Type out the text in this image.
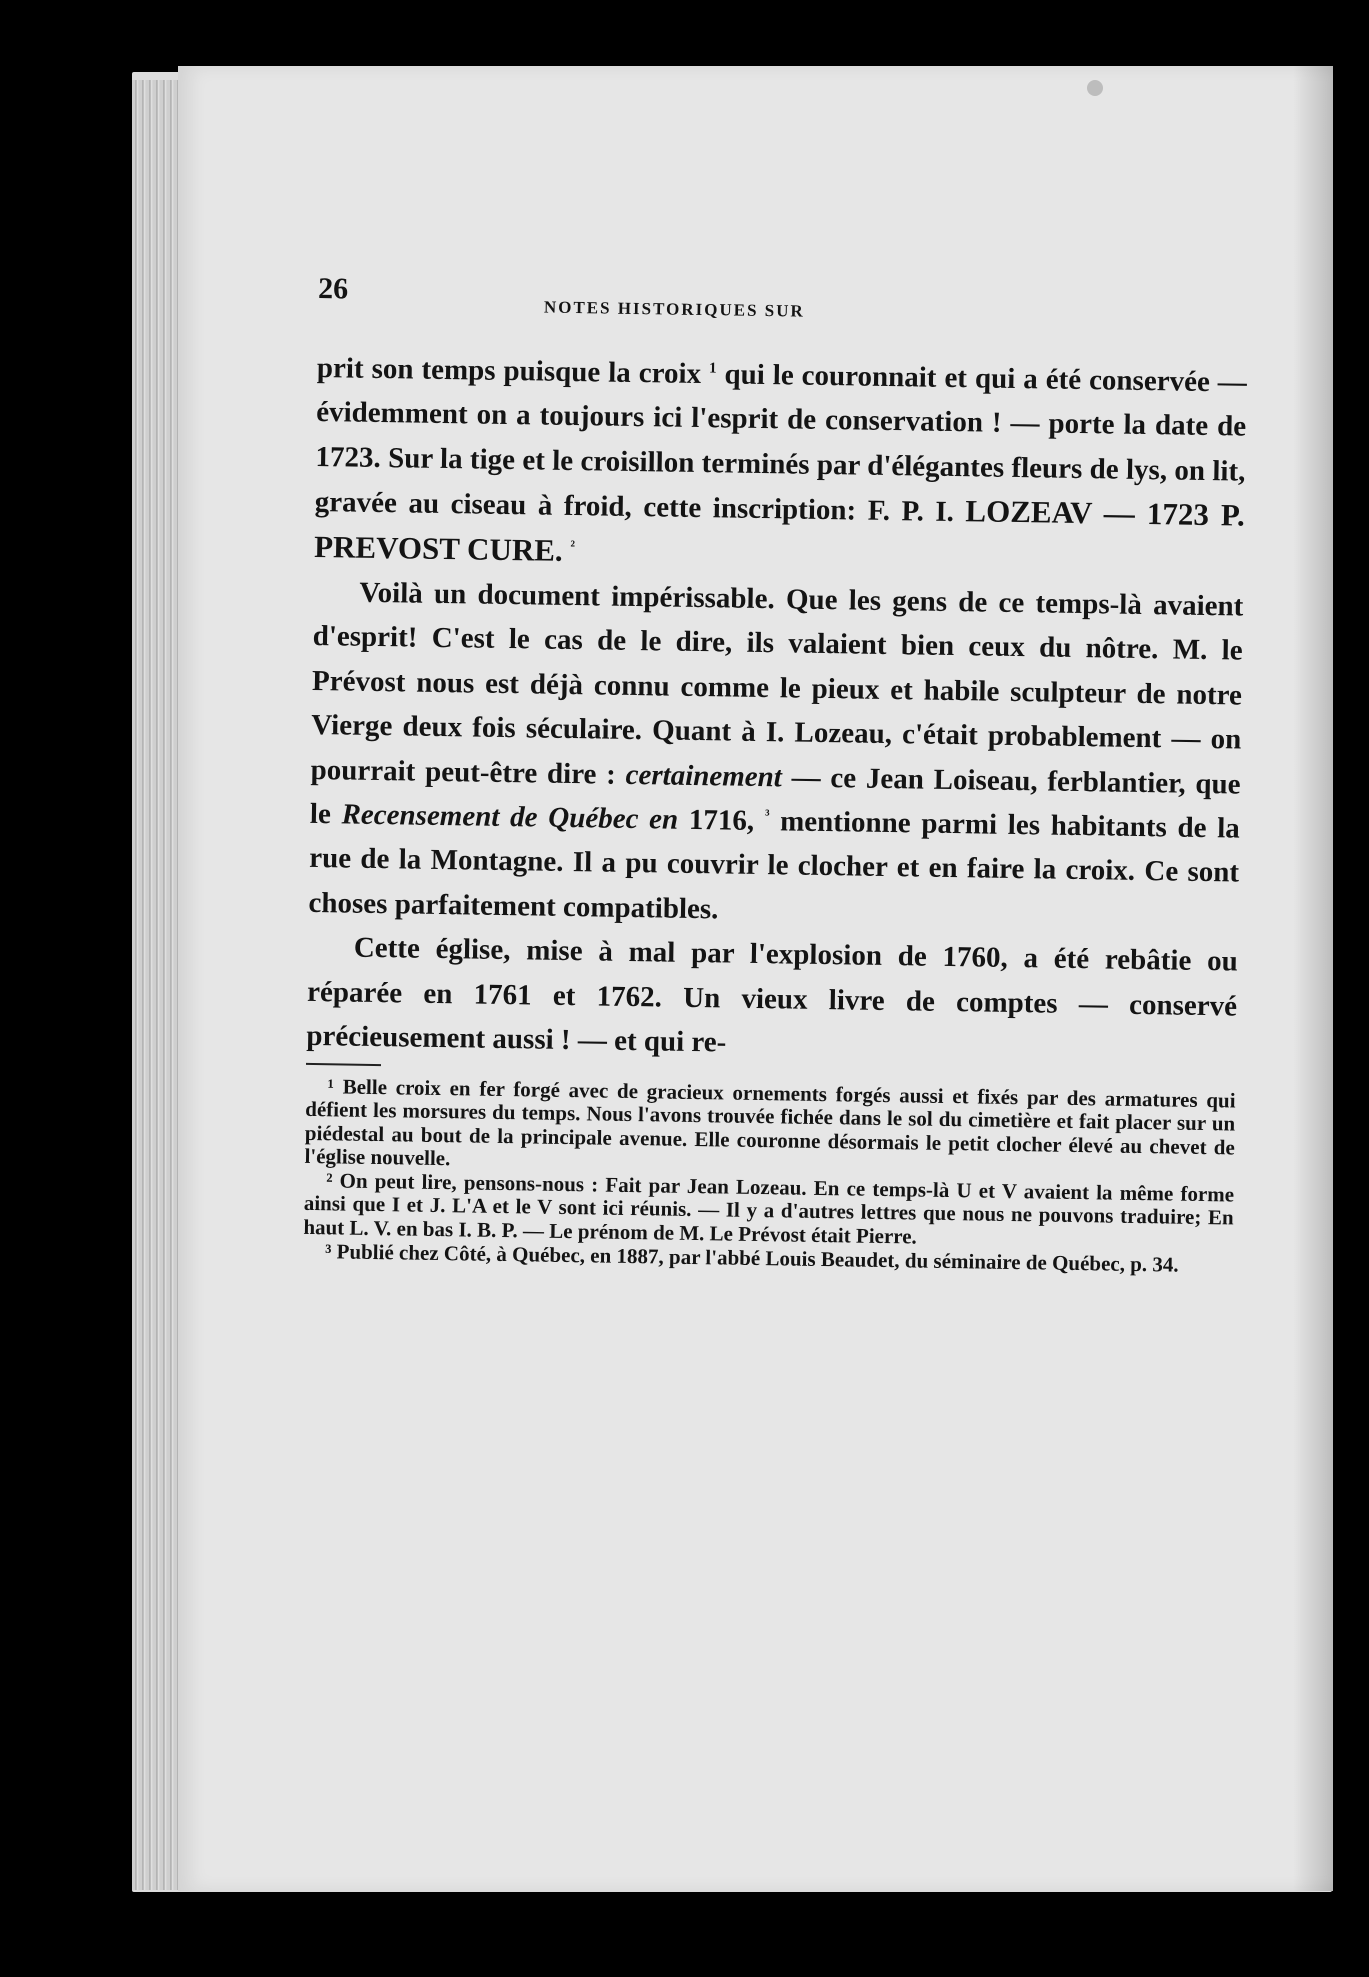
26
NOTES HISTORIQUES SUR

prit son temps puisque la croix $^1$ qui le couronnait et qui a été conservée — évidemment on a toujours ici l'esprit de conservation ! — porte la date de 1723. Sur la tige et le croisillon terminés par d'élégantes fleurs de lys, on lit, gravée au ciseau à froid, cette inscription: F. P. I. LOZEAV — 1723 P. PREVOST CURE. $^{^2}$

Voilà un document impérissable. Que les gens de ce temps-là avaient d'esprit! C'est le cas de le dire, ils valaient bien ceux du nôtre. M. le Prévost nous est déjà connu comme le pieux et habile sculpteur de notre Vierge deux fois séculaire. Quant à I. Lozeau, c'était probablement — on pourrait peut-être dire : certainement — ce Jean Loiseau, ferblantier, que le Recensement de Québec en 1716, $^{^3}$ mentionne parmi les habitants de la rue de la Montagne. Il a pu couvrir le clocher et en faire la croix. Ce sont choses parfaitement compatibles.

Cette église, mise à mal par l'explosion de 1760, a été rebâtie ou réparée en 1761 et 1762. Un vieux livre de comptes — conservé précieusement aussi ! — et qui re-

¹ Belle croix en fer forgé avec de gracieux ornements forgés aussi et fixés par des armatures qui défient les morsures du temps. Nous l'avons trouvée fichée dans le sol du cimetière et fait placer sur un piédestal au bout de la principale avenue. Elle couronne désormais le petit clocher élevé au chevet de l'église nouvelle.

² On peut lire, pensons-nous : Fait par Jean Lozeau. En ce temps-là U et V avaient la même forme ainsi que I et J. L'A et le V sont ici réunis. — Il y a d'autres lettres que nous ne pouvons traduire; En haut L. V. en bas I. B. P. — Le prénom de M. Le Prévost était Pierre.

³ Publié chez Côté, à Québec, en 1887, par l'abbé Louis Beaudet, du séminaire de Québec, p. 34.
